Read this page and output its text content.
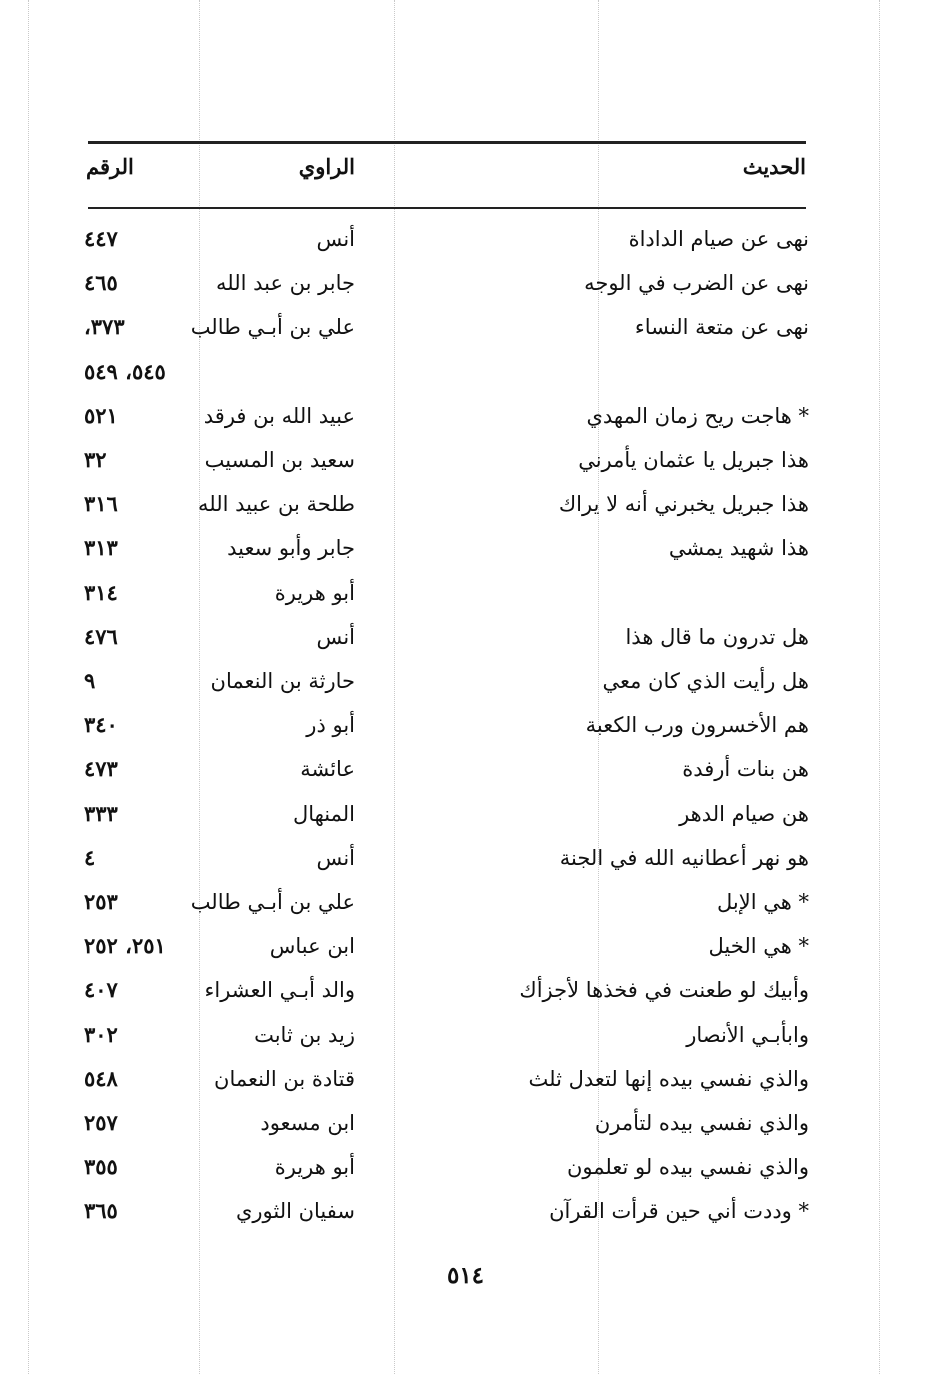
الحديث
الراوي
الرقم
نهى عن صيام الداداة
أنس
٤٤٧
نهى عن الضرب في الوجه
جابر بن عبد الله
٤٦٥
نهى عن متعة النساء
علي بن أبـي طالب
٣٧٣،
٥٤٥، ٥٤٩
* هاجت ريح زمان المهدي
عبيد الله بن فرقد
٥٢١
هذا جبريل يا عثمان يأمرني
سعيد بن المسيب
٣٢
هذا جبريل يخبرني أنه لا يراك
طلحة بن عبيد الله
٣١٦
هذا شهيد يمشي
جابر وأبو سعيد
٣١٣
أبو هريرة
٣١٤
هل تدرون ما قال هذا
أنس
٤٧٦
هل رأيت الذي كان معي
حارثة بن النعمان
٩
هم الأخسرون ورب الكعبة
أبو ذر
٣٤٠
هن بنات أرفدة
عائشة
٤٧٣
هن صيام الدهر
المنهال
٣٣٣
هو نهر أعطانيه الله في الجنة
أنس
٤
* هي الإبل
علي بن أبـي طالب
٢٥٣
* هي الخيل
ابن عباس
٢٥١، ٢٥٢
وأبيك لو طعنت في فخذها لأجزأك
والد أبـي العشراء
٤٠٧
وابأبـي الأنصار
زيد بن ثابت
٣٠٢
والذي نفسي بيده إنها لتعدل ثلث
قتادة بن النعمان
٥٤٨
والذي نفسي بيده لتأمرن
ابن مسعود
٢٥٧
والذي نفسي بيده لو تعلمون
أبو هريرة
٣٥٥
* وددت أني حين قرأت القرآن
سفيان الثوري
٣٦٥
٥١٤
